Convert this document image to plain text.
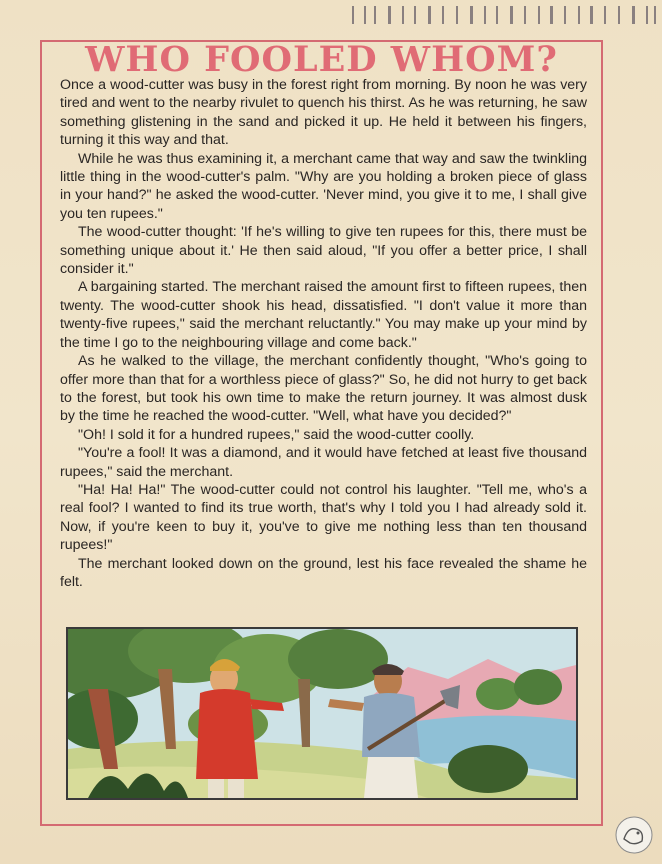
WHO FOOLED WHOM?

Once a wood-cutter was busy in the forest right from morning. By noon he was very tired and went to the nearby rivulet to quench his thirst. As he was returning, he saw something glistening in the sand and picked it up. He held it between his fingers, turning it this way and that.

While he was thus examining it, a merchant came that way and saw the twinkling little thing in the wood-cutter's palm. "Why are you holding a broken piece of glass in your hand?" he asked the wood-cutter. 'Never mind, you give it to me, I shall give you ten rupees."

The wood-cutter thought: 'If he's willing to give ten rupees for this, there must be something unique about it.' He then said aloud, "If you offer a better price, I shall consider it."

A bargaining started. The merchant raised the amount first to fifteen rupees, then twenty. The wood-cutter shook his head, dissatisfied. "I don't value it more than twenty-five rupees," said the merchant reluctantly." You may make up your mind by the time I go to the neighbouring village and come back."

As he walked to the village, the merchant confidently thought, "Who's going to offer more than that for a worthless piece of glass?" So, he did not hurry to get back to the forest, but took his own time to make the return journey. It was almost dusk by the time he reached the wood-cutter. "Well, what have you decided?"

"Oh! I sold it for a hundred rupees," said the wood-cutter coolly.

"You're a fool! It was a diamond, and it would have fetched at least five thousand rupees," said the merchant.

"Ha! Ha! Ha!" The wood-cutter could not control his laughter. "Tell me, who's a real fool? I wanted to find its true worth, that's why I told you I had already sold it. Now, if you're keen to buy it, you've to give me nothing less than ten thousand rupees!"

The merchant looked down on the ground, lest his face revealed the shame he felt.
